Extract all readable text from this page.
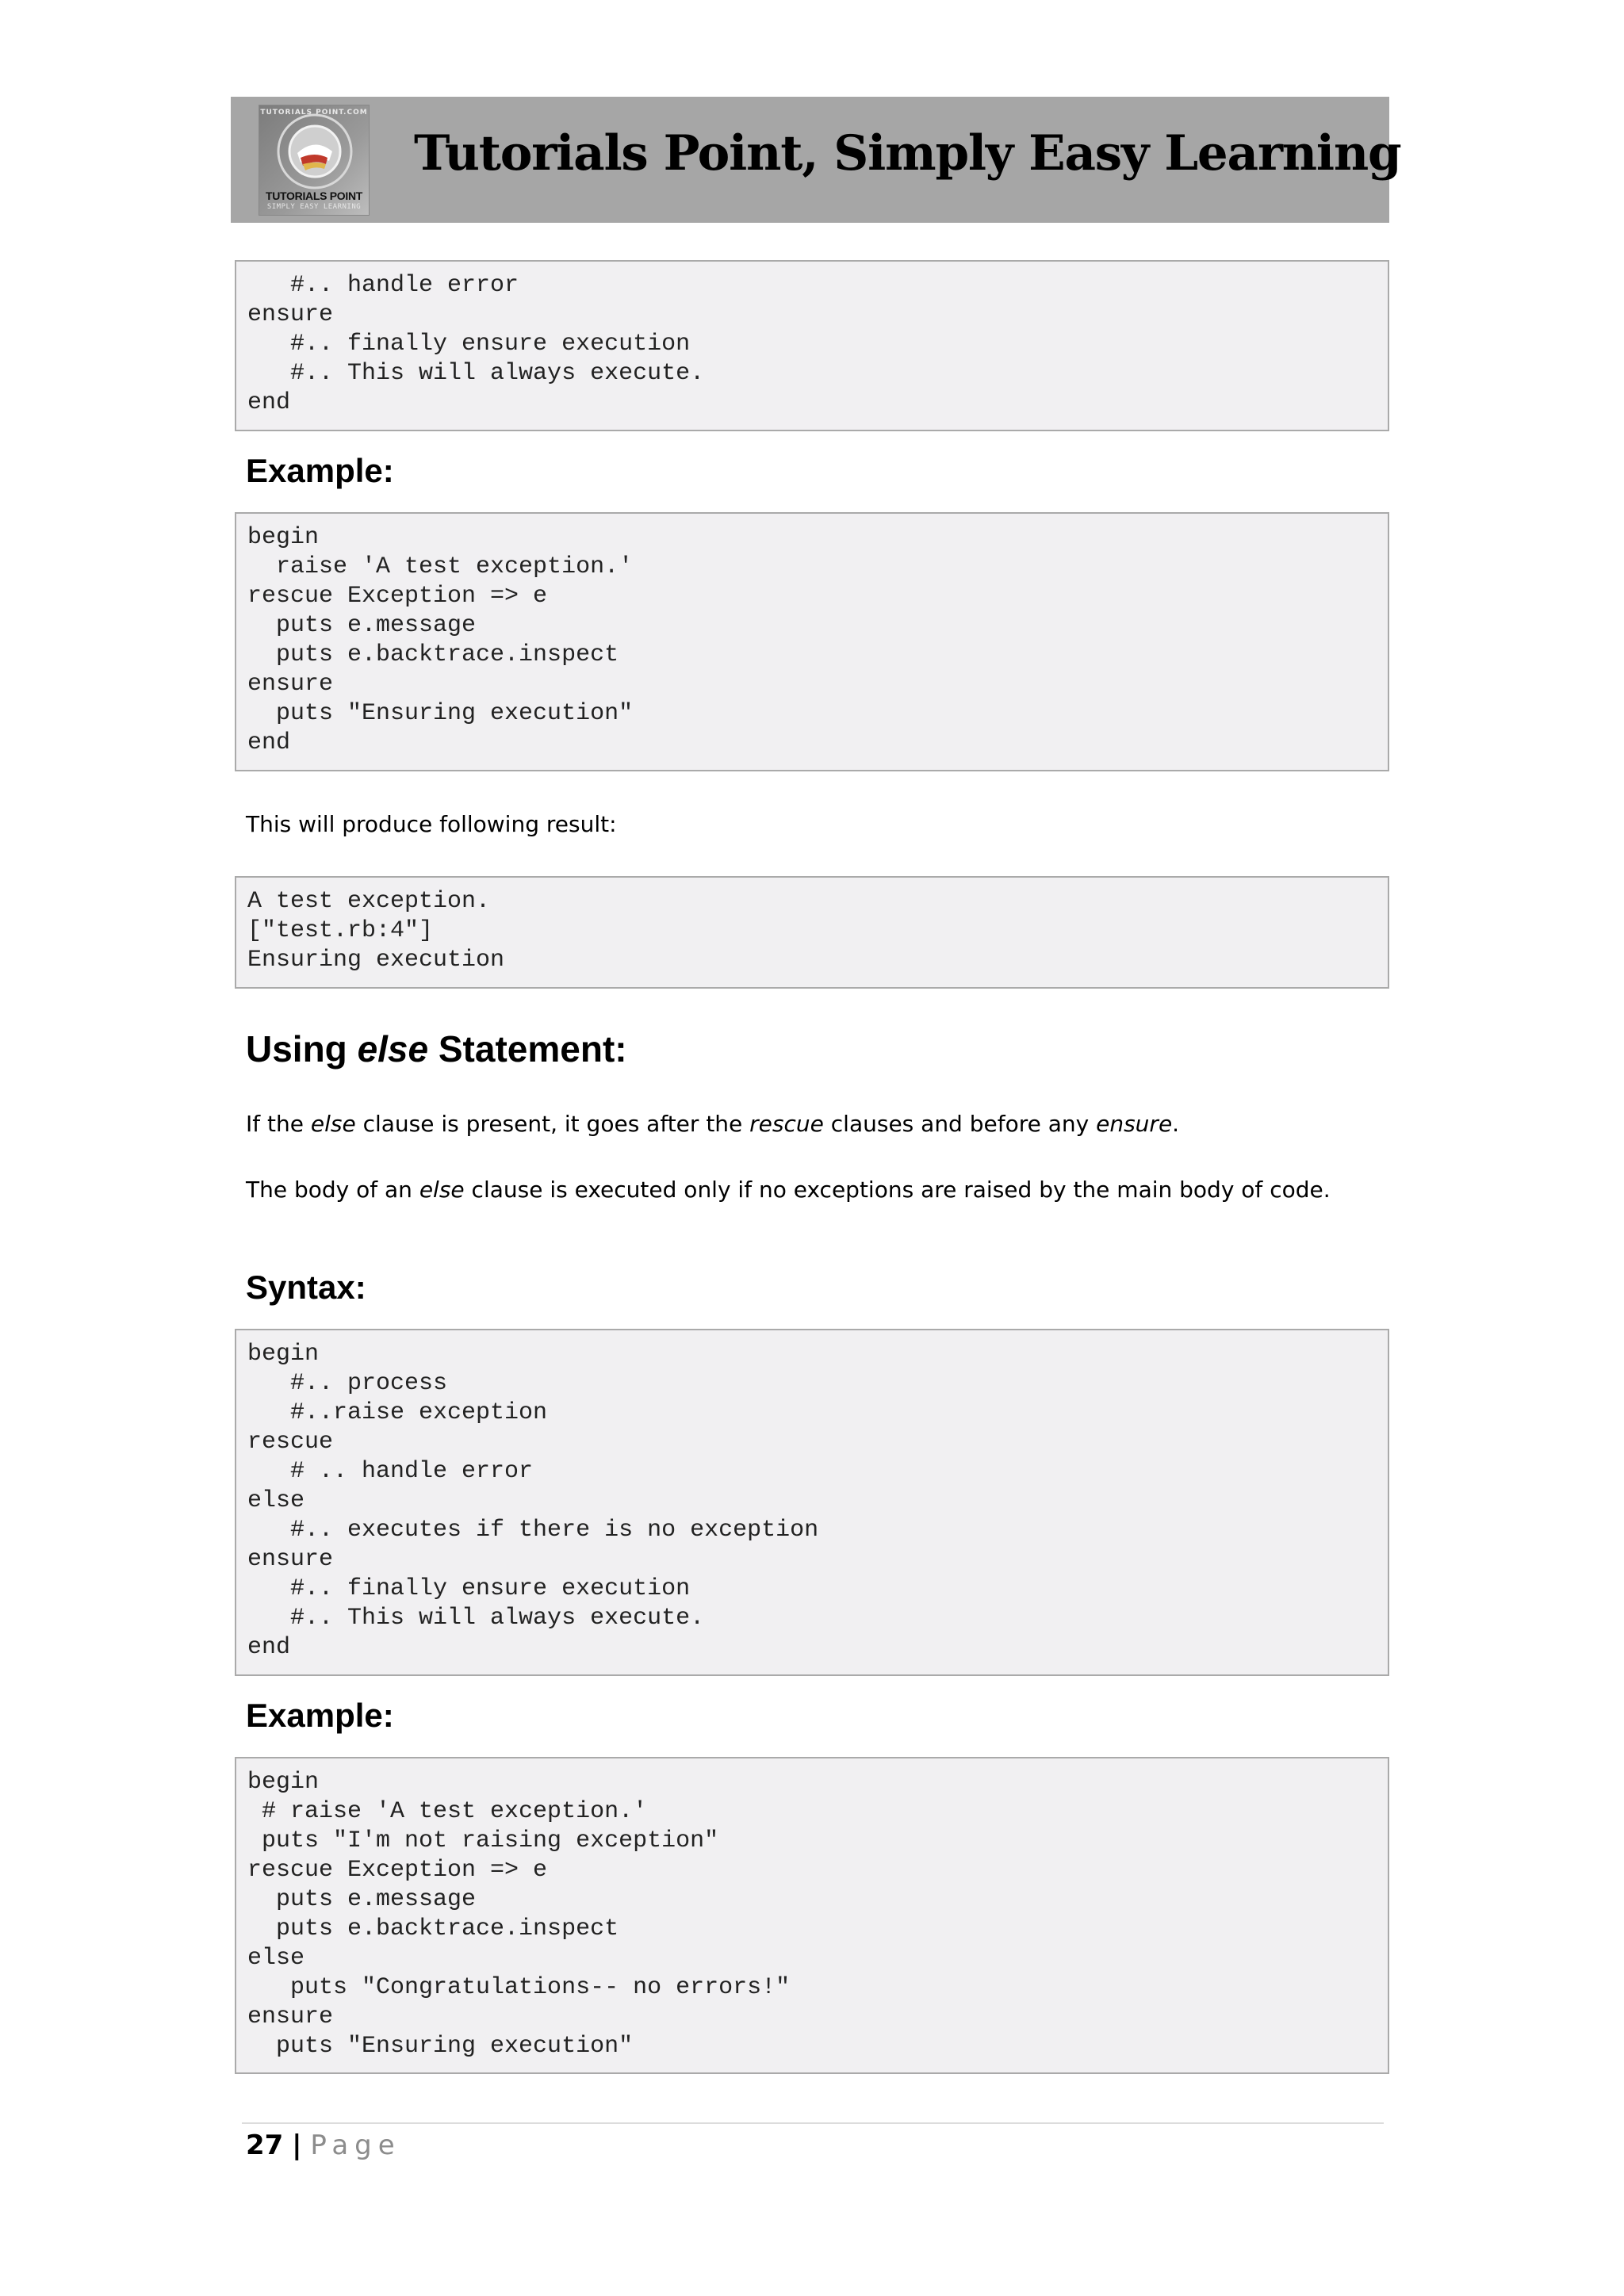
TUTORIALS POINT.COM
TUTORIALS POINT
SIMPLY EASY LEARNING
Tutorials Point, Simply Easy Learning
#.. handle error
ensure
#.. finally ensure execution
#.. This will always execute.
end
Example:
begin
raise 'A test exception.'
rescue Exception => e
puts e.message
puts e.backtrace.inspect
ensure
puts "Ensuring execution"
end

This will produce following result:

A test exception.
["test.rb:4"]
Ensuring execution
Using else Statement:

If the else clause is present, it goes after the rescue clauses and before any ensure.

The body of an else clause is executed only if no exceptions are raised by the main body of code.

Syntax:
begin
#.. process
#..raise exception
rescue
# .. handle error
else
#.. executes if there is no exception
ensure
#.. finally ensure execution
#.. This will always execute.
end
Example:
begin
# raise 'A test exception.'
puts "I'm not raising exception"
rescue Exception => e
puts e.message
puts e.backtrace.inspect
else
puts "Congratulations-- no errors!"
ensure
puts "Ensuring execution"
27 | Page
